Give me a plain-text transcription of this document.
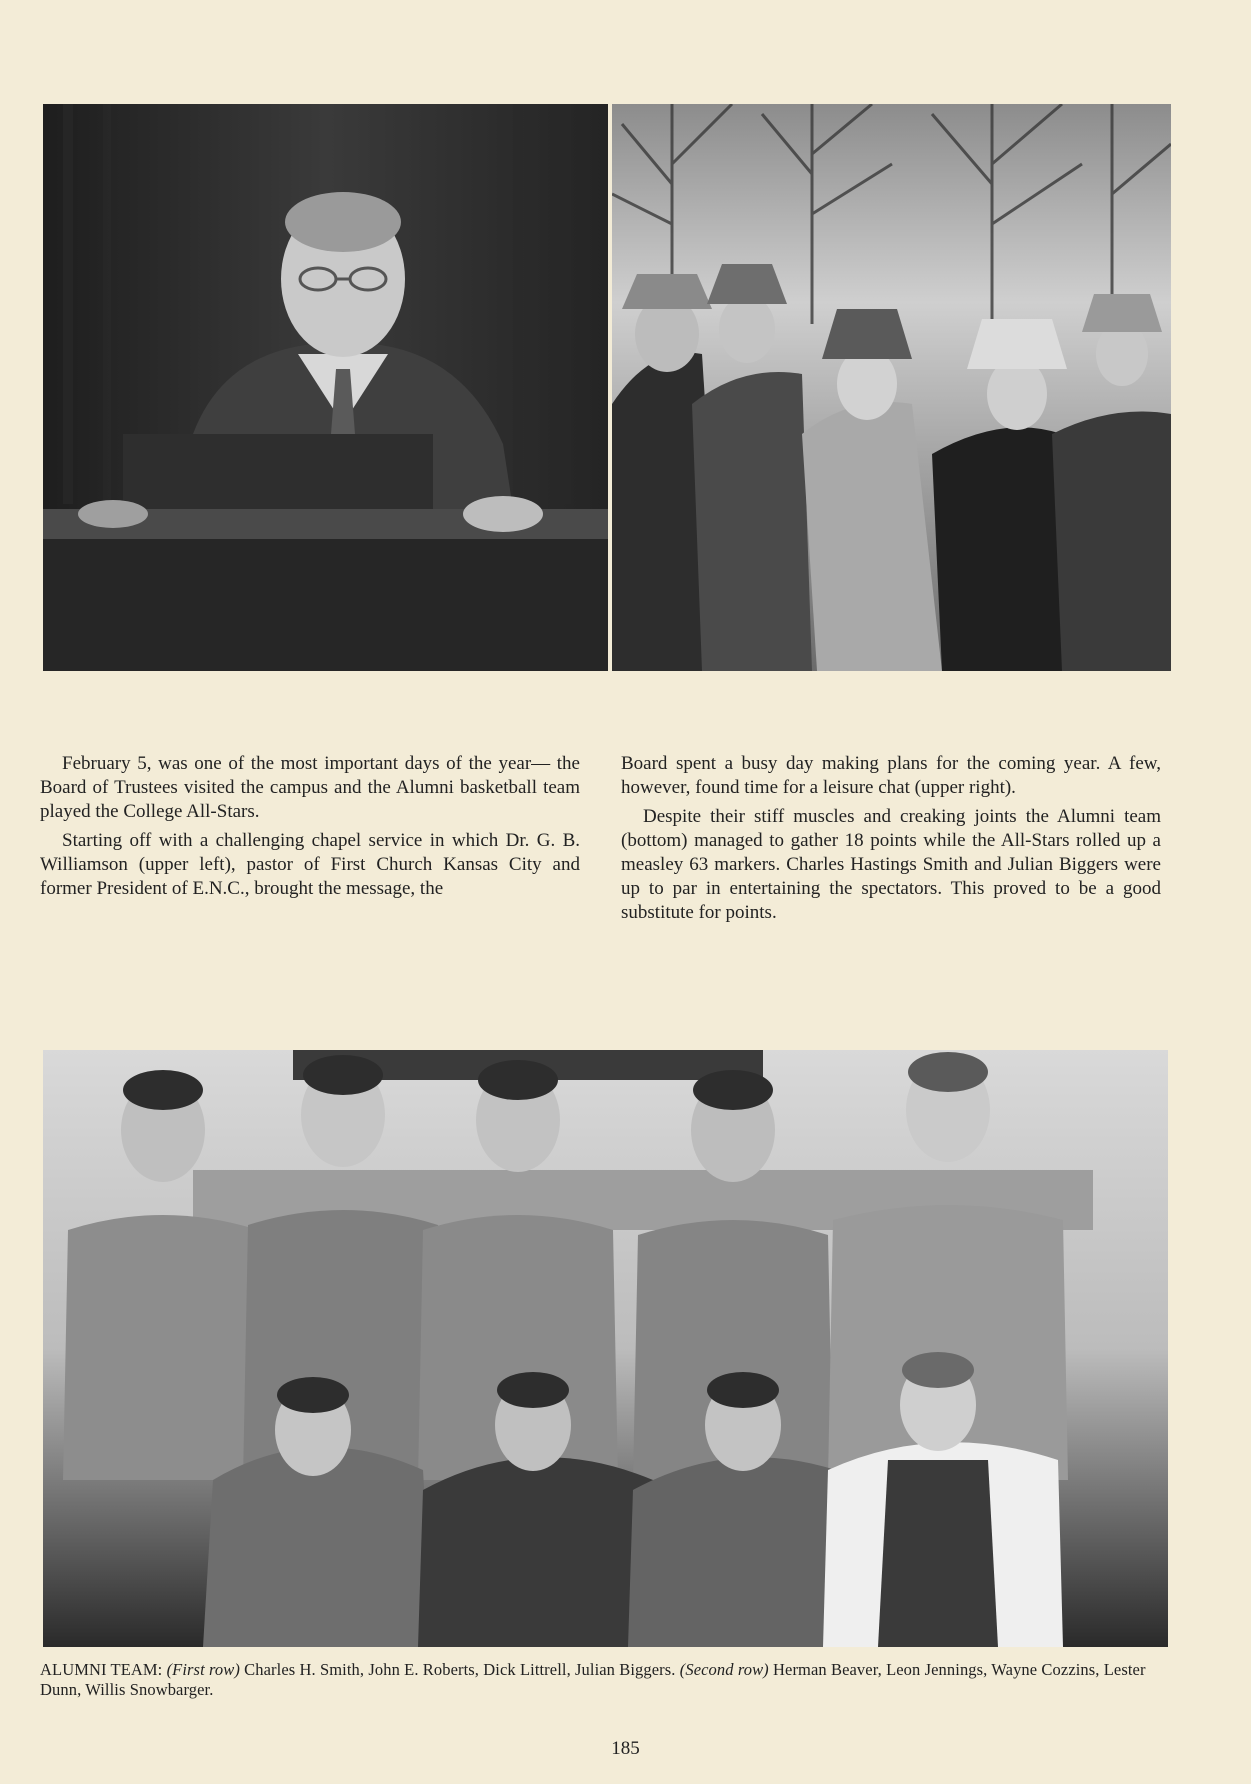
February 5, was one of the most important days of the year— the Board of Trustees visited the campus and the Alumni basketball team played the College All-Stars.

Starting off with a challenging chapel service in which Dr. G. B. Williamson (upper left), pastor of First Church Kansas City and former President of E.N.C., brought the message, the

Board spent a busy day making plans for the coming year. A few, however, found time for a leisure chat (upper right).

Despite their stiff muscles and creaking joints the Alumni team (bottom) managed to gather 18 points while the All-Stars rolled up a measley 63 markers. Charles Hastings Smith and Julian Biggers were up to par in entertaining the spectators. This proved to be a good substitute for points.

ALUMNI TEAM: (First row) Charles H. Smith, John E. Roberts, Dick Littrell, Julian Biggers. (Second row) Herman Beaver, Leon Jennings, Wayne Cozzins, Lester Dunn, Willis Snowbarger.
185
